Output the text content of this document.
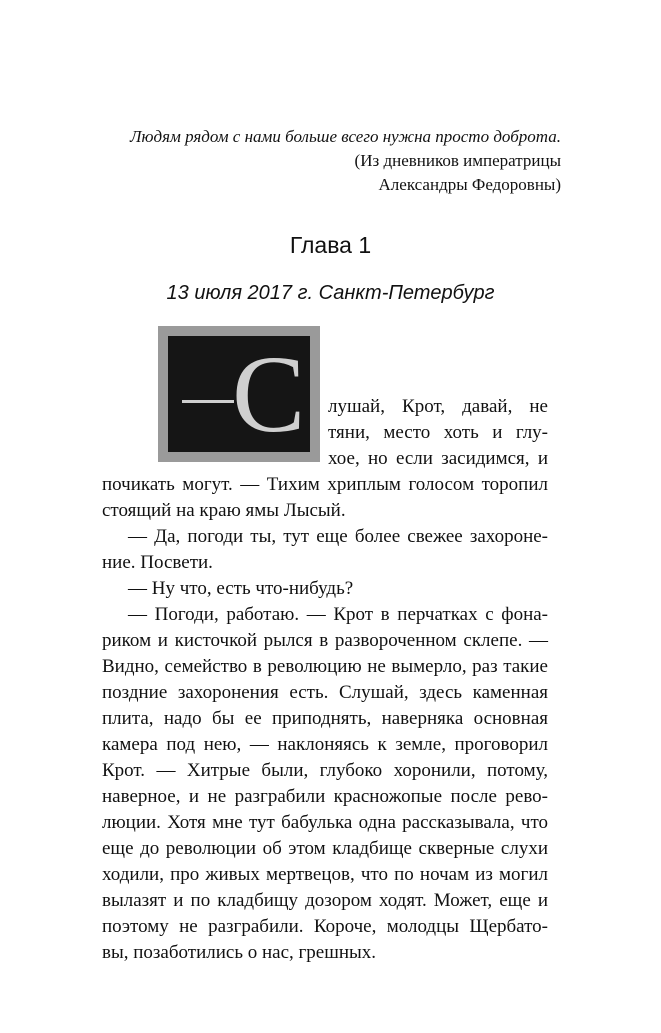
Людям рядом с нами больше всего нужна просто доброта.
(Из дневников императрицы
Александры Федоровны)
Глава 1
13 июля 2017 г. Санкт-Петербург
С лушай, Крот, давай, не
тяни, место хоть и глу-
хое, но если засидимся, и
почикать могут. — Тихим хриплым голосом торопил
стоящий на краю ямы Лысый.
— Да, погоди ты, тут еще более свежее захороне-
ние. Посвети.
— Ну что, есть что-нибудь?
— Погоди, работаю. — Крот в перчатках с фона-
риком и кисточкой рылся в развороченном склепе. —
Видно, семейство в революцию не вымерло, раз такие
поздние захоронения есть. Слушай, здесь каменная
плита, надо бы ее приподнять, наверняка основная
камера под нею, — наклоняясь к земле, проговорил
Крот. — Хитрые были, глубоко хоронили, потому,
наверное, и не разграбили красножопые после рево-
люции. Хотя мне тут бабулька одна рассказывала, что
еще до революции об этом кладбище скверные слухи
ходили, про живых мертвецов, что по ночам из могил
вылазят и по кладбищу дозором ходят. Может, еще и
поэтому не разграбили. Короче, молодцы Щербато-
вы, позаботились о нас, грешных.
